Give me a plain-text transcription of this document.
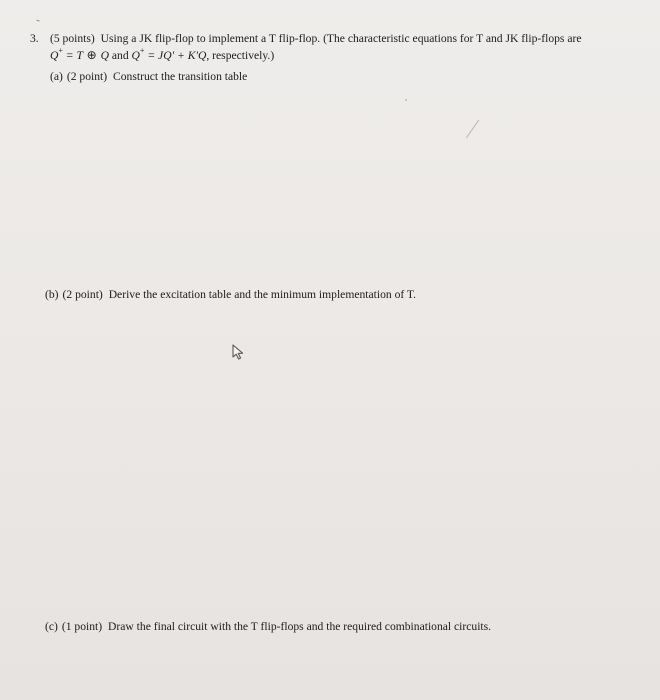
3. (5 points) Using a JK flip-flop to implement a T flip-flop. (The characteristic equations for T and JK flip-flops are
Q+ = T ⊕ Q and Q+ = JQ′ + K′Q, respectively.)
(a) (2 point) Construct the transition table
(b) (2 point) Derive the excitation table and the minimum implementation of T.
(c) (1 point) Draw the final circuit with the T flip-flops and the required combinational circuits.
